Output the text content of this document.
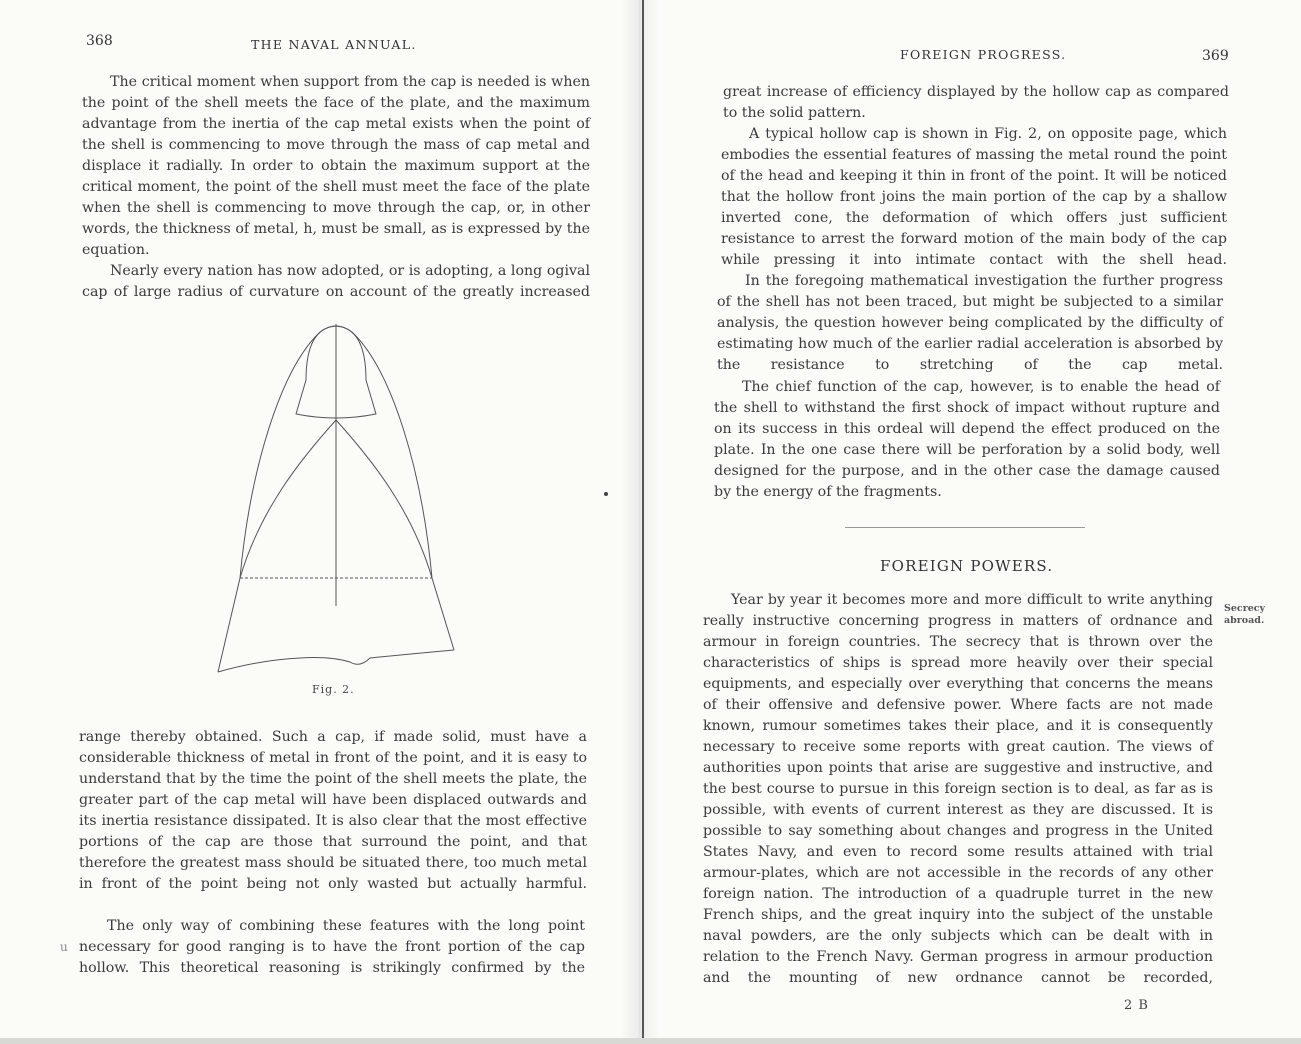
368	THE NAVAL ANNUAL.

The critical moment when support from the cap is needed is when the point of the shell meets the face of the plate, and the maximum advantage from the inertia of the cap metal exists when the point of the shell is commencing to move through the mass of cap metal and displace it radially. In order to obtain the maximum support at the critical moment, the point of the shell must meet the face of the plate when the shell is commencing to move through the cap, or, in other words, the thickness of metal, h, must be small, as is expressed by the equation.

Nearly every nation has now adopted, or is adopting, a long ogival cap of large radius of curvature on account of the greatly increased

Fig. 2.

range thereby obtained. Such a cap, if made solid, must have a considerable thickness of metal in front of the point, and it is easy to understand that by the time the point of the shell meets the plate, the greater part of the cap metal will have been displaced outwards and its inertia resistance dissipated. It is also clear that the most effective portions of the cap are those that surround the point, and that therefore the greatest mass should be situated there, too much metal in front of the point being not only wasted but actually harmful.

The only way of combining these features with the long point necessary for good ranging is to have the front portion of the cap hollow. This theoretical reasoning is strikingly confirmed by the

u
369
FOREIGN PROGRESS.

great increase of efficiency displayed by the hollow cap as compared to the solid pattern.

A typical hollow cap is shown in Fig. 2, on opposite page, which embodies the essential features of massing the metal round the point of the head and keeping it thin in front of the point. It will be noticed that the hollow front joins the main portion of the cap by a shallow inverted cone, the deformation of which offers just sufficient resistance to arrest the forward motion of the main body of the cap while pressing it into intimate contact with the shell head.

In the foregoing mathematical investigation the further progress of the shell has not been traced, but might be subjected to a similar analysis, the question however being complicated by the difficulty of estimating how much of the earlier radial acceleration is absorbed by the resistance to stretching of the cap metal.

The chief function of the cap, however, is to enable the head of the shell to withstand the first shock of impact without rupture and on its success in this ordeal will depend the effect produced on the plate. In the one case there will be perforation by a solid body, well designed for the purpose, and in the other case the damage caused by the energy of the fragments.

FOREIGN POWERS.

Year by year it becomes more and more difficult to write anything really instructive concerning progress in matters of ordnance and armour in foreign countries. The secrecy that is thrown over the characteristics of ships is spread more heavily over their special equipments, and especially over everything that concerns the means of their offensive and defensive power. Where facts are not made known, rumour sometimes takes their place, and it is consequently necessary to receive some reports with great caution. The views of authorities upon points that arise are suggestive and instructive, and the best course to pursue in this foreign section is to deal, as far as is possible, with events of current interest as they are discussed. It is possible to say something about changes and progress in the United States Navy, and even to record some results attained with trial armour-plates, which are not accessible in the records of any other foreign nation. The introduction of a quadruple turret in the new French ships, and the great inquiry into the subject of the unstable naval powders, are the only subjects which can be dealt with in relation to the French Navy. German progress in armour production and the mounting of new ordnance cannot be recorded,

Secrecy
abroad.
2 B
